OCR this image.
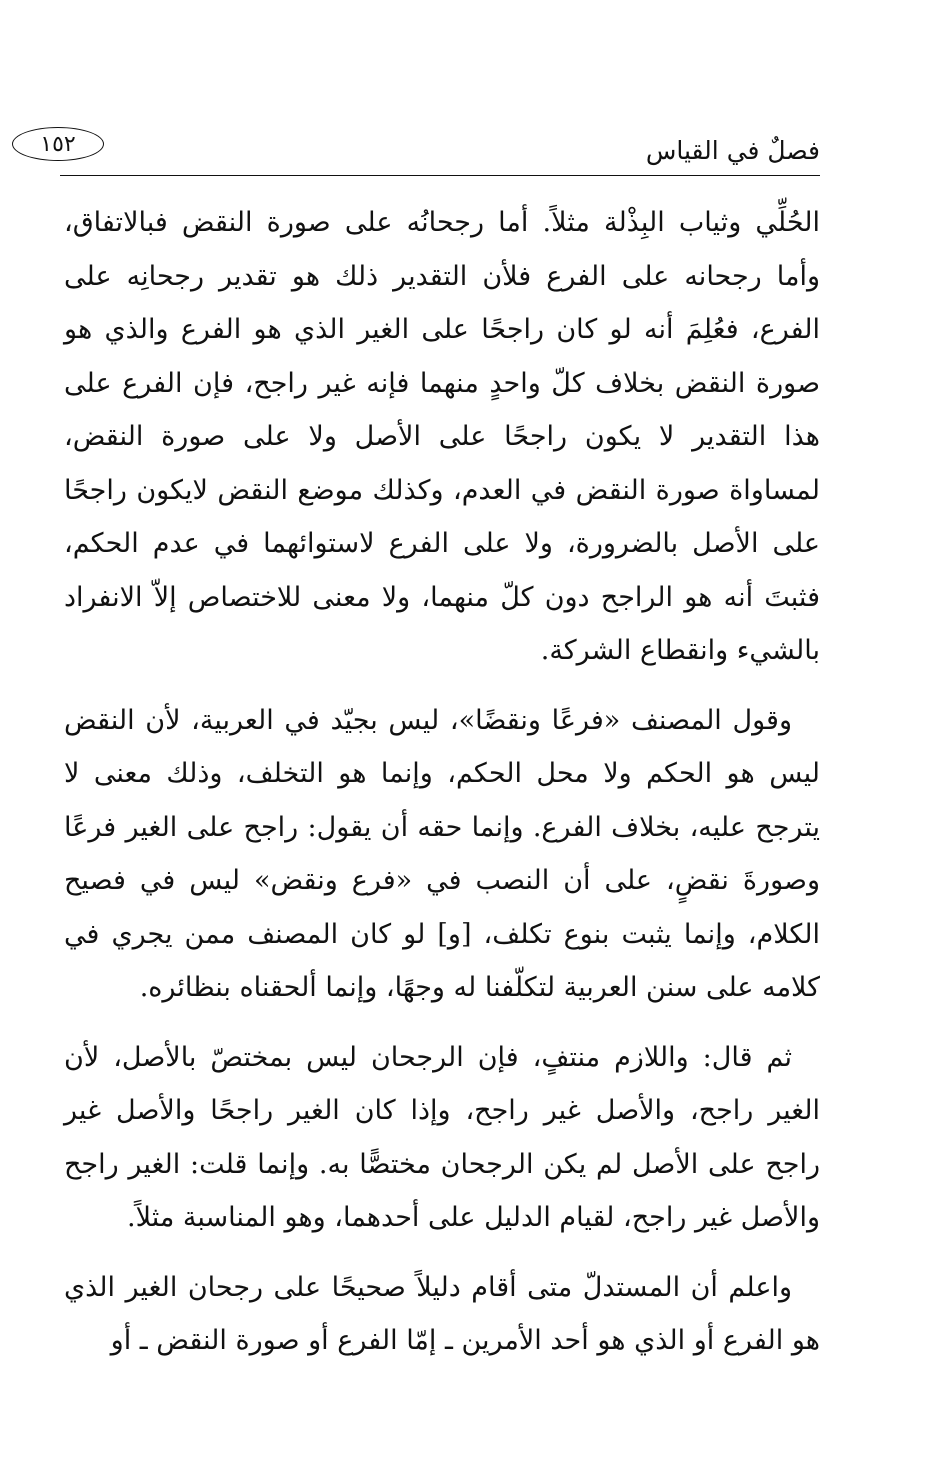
فصلٌ في القياس
١٥٢

الحُلِّي وثياب البِذْلة مثلاً. أما رجحانُه على صورة النقض فبالاتفاق، وأما رجحانه على الفرع فلأن التقدير ذلك هو تقدير رجحانِه على الفرع، فعُلِمَ أنه لو كان راجحًا على الغير الذي هو الفرع والذي هو صورة النقض بخلاف كلّ واحدٍ منهما فإنه غير راجح، فإن الفرع على هذا التقدير لا يكون راجحًا على الأصل ولا على صورة النقض، لمساواة صورة النقض في العدم، وكذلك موضع النقض لايكون راجحًا على الأصل بالضرورة، ولا على الفرع لاستوائهما في عدم الحكم، فثبتَ أنه هو الراجح دون كلّ منهما، ولا معنى للاختصاص إلاّ الانفراد بالشيء وانقطاع الشركة.

وقول المصنف «فرعًا ونقضًا»، ليس بجيّد في العربية، لأن النقض ليس هو الحكم ولا محل الحكم، وإنما هو التخلف، وذلك معنى لا يترجح عليه، بخلاف الفرع. وإنما حقه أن يقول: راجح على الغير فرعًا وصورةَ نقضٍ، على أن النصب في «فرع ونقض» ليس في فصيح الكلام، وإنما يثبت بنوع تكلف، [و] لو كان المصنف ممن يجري في كلامه على سنن العربية لتكلّفنا له وجهًا، وإنما ألحقناه بنظائره.

ثم قال: واللازم منتفٍ، فإن الرجحان ليس بمختصّ بالأصل، لأن الغير راجح، والأصل غير راجح، وإذا كان الغير راجحًا والأصل غير راجح على الأصل لم يكن الرجحان مختصًّا به. وإنما قلت: الغير راجح والأصل غير راجح، لقيام الدليل على أحدهما، وهو المناسبة مثلاً.

واعلم أن المستدلّ متى أقام دليلاً صحيحًا على رجحان الغير الذي هو الفرع أو الذي هو أحد الأمرين ـ إمّا الفرع أو صورة النقض ـ أو
